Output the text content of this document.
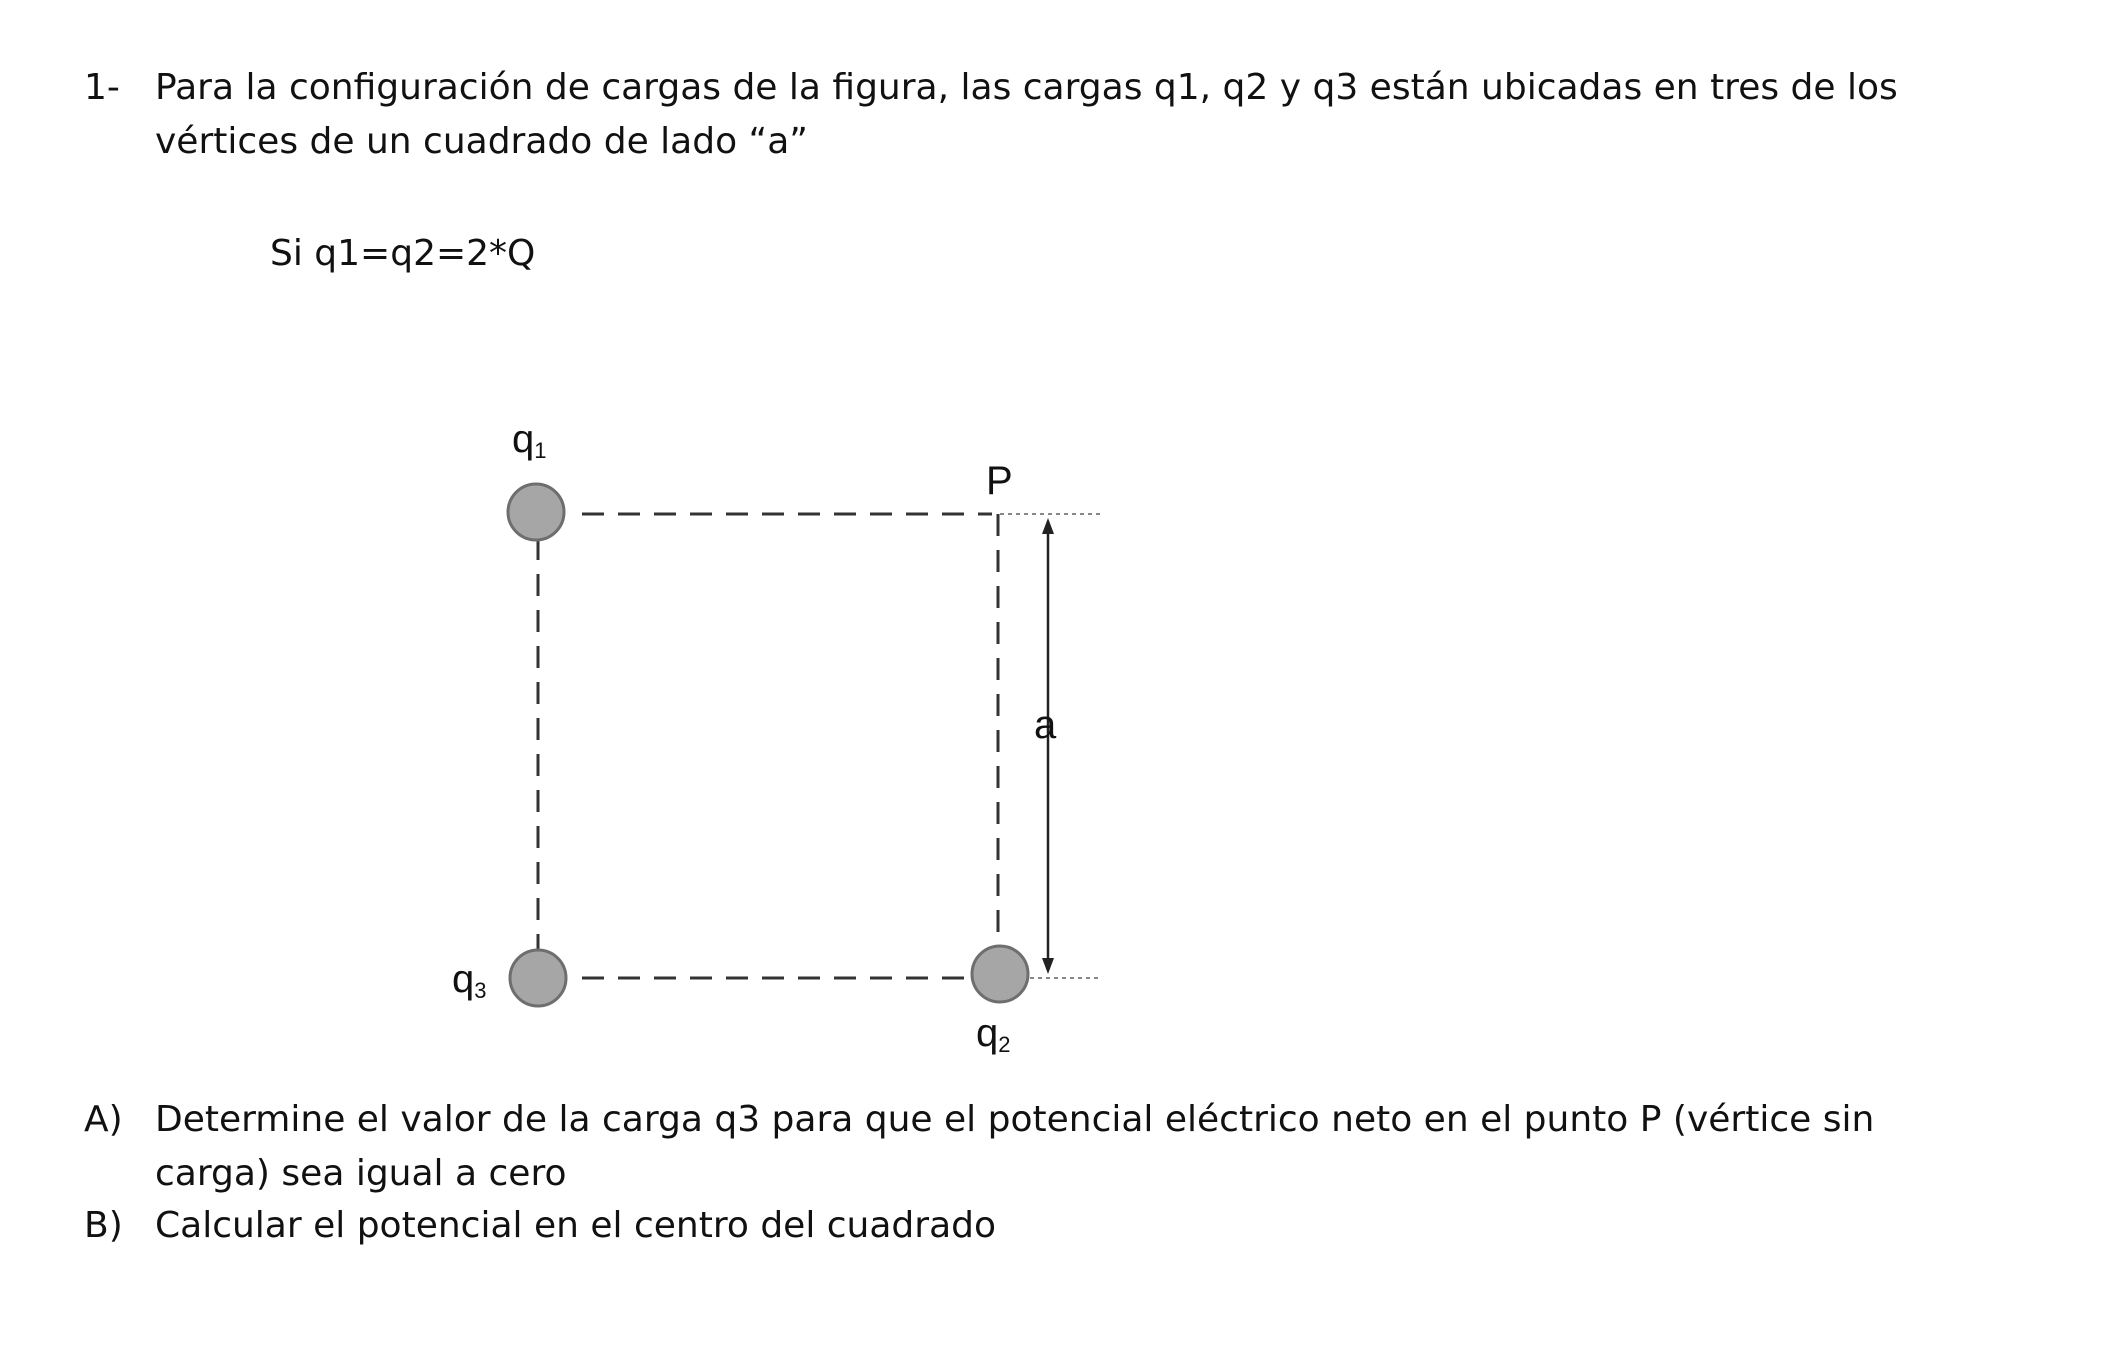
1- Para la configuración de cargas de la figura, las cargas q1, q2 y q3 están ubicadas en tres de los
vértices de un cuadrado de lado “a”
Si q1=q2=2*Q
q1
P
a
q3
q2
A) Determine el valor de la carga q3 para que el potencial eléctrico neto en el punto P (vértice sin
carga) sea igual a cero
B) Calcular el potencial en el centro del cuadrado
